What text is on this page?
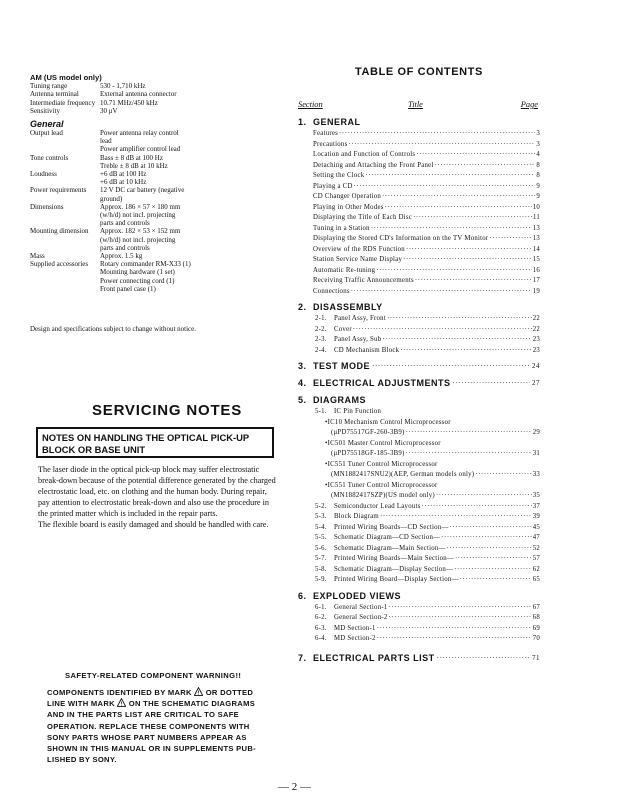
AM (US model only)
Tuning range	530 - 1,710 kHz
Antenna terminal	External antenna connector
Intermediate frequency 10.71 MHz/450 kHz
Sensitivity	30 μV
General
Output lead	Power antenna relay control
lead
Power amplifier control lead
Tone controls	Bass ± 8 dB at 100 Hz
Treble ± 8 dB at 10 kHz
Loudness	+6 dB at 100 Hz
+6 dB at 10 kHz
Power requirements	12 V DC car battery (negative
ground)
Dimensions	Approx. 186 × 57 × 180 mm
(w/h/d) not incl. projecting
parts and controls
Mounting dimension	Approx. 182 × 53 × 152 mm
(w/h/d) not incl. projecting
parts and controls
Mass	Approx. 1.5 kg
Supplied accessories	Rotary commander RM-X33 (1)
Mounting hardware (1 set)
Power connecting cord (1)
Front panel case (1)
Design and specifications subject to change without notice.
SERVICING NOTES
NOTES ON HANDLING THE OPTICAL PICK-UP
BLOCK OR BASE UNIT
The laser diode in the optical pick-up block may suffer electrostatic break-down because of the potential difference generated by the charged electrostatic load, etc. on clothing and the human body. During repair, pay attention to electrostatic break-down and also use the procedure in the printed matter which is included in the repair parts.
The flexible board is easily damaged and should be handled with care.
TABLE OF CONTENTS
Section	Title	Page
1. GENERAL
Features ·····	3
Precautions ·····	3
Location and Function of Controls ·····	4
Detaching and Attaching the Front Panel ·····	8
Setting the Clock ·····	8
Playing a CD ·····	9
CD Changer Operation ·····	9
Playing in Other Modes ·····	10
Displaying the Title of Each Disc ·····	11
Tuning in a Station ·····	13
Displaying the Stored CD's Information on the TV Monitor ·····	13
Overview of the RDS Function ·····	14
Station Service Name Display ·····	15
Automatic Re-tuning ·····	16
Receiving Traffic Announcements ·····	17
Connections ·····	19
2. DISASSEMBLY
2-1.	Panel Assy, Front ·····	22
2-2.	Cover ·····	22
2-3.	Panel Assy, Sub ·····	23
2-4.	CD Mechanism Block ·····	23
3. TEST MODE ·····	24
4. ELECTRICAL ADJUSTMENTS ·····	27
5. DIAGRAMS
5-1.	IC Pin Function
•IC10 Mechanism Control Microprocessor
(μPD75517GF-260-3B9) ·····	29
•IC501 Master Control Microprocessor
(μPD75518GF-185-3B9) ·····	31
•IC551 Tuner Control Microprocessor
(MN1882417SNU2)(AEP, German models only) ·····	33
•IC551 Tuner Control Microprocessor
(MN1882417SZP)(US model only) ·····	35
5-2.	Semiconductor Lead Layouts ·····	37
5-3.	Block Diagram ·····	39
5-4.	Printed Wiring Boards—CD Section— ·····	45
5-5.	Schematic Diagram—CD Section— ·····	47
5-6.	Schematic Diagram—Main Section— ·····	52
5-7.	Printed Wiring Boards—Main Section— ·····	57
5-8.	Schematic Diagram—Display Section— ·····	62
5-9.	Printed Wiring Board—Display Section— ·····	65
6. EXPLODED VIEWS
6-1.	General Section-1 ·····	67
6-2.	General Section-2 ·····	68
6-3.	MD Section-1 ·····	69
6-4.	MD Section-2 ·····	70
7. ELECTRICAL PARTS LIST ·····	71
SAFETY-RELATED COMPONENT WARNING!!
COMPONENTS IDENTIFIED BY MARK ! OR DOTTED
LINE WITH MARK ! ON THE SCHEMATIC DIAGRAMS
AND IN THE PARTS LIST ARE CRITICAL TO SAFE
OPERATION. REPLACE THESE COMPONENTS WITH
SONY PARTS WHOSE PART NUMBERS APPEAR AS
SHOWN IN THIS MANUAL OR IN SUPPLEMENTS PUB-
LISHED BY SONY.
— 2 —
